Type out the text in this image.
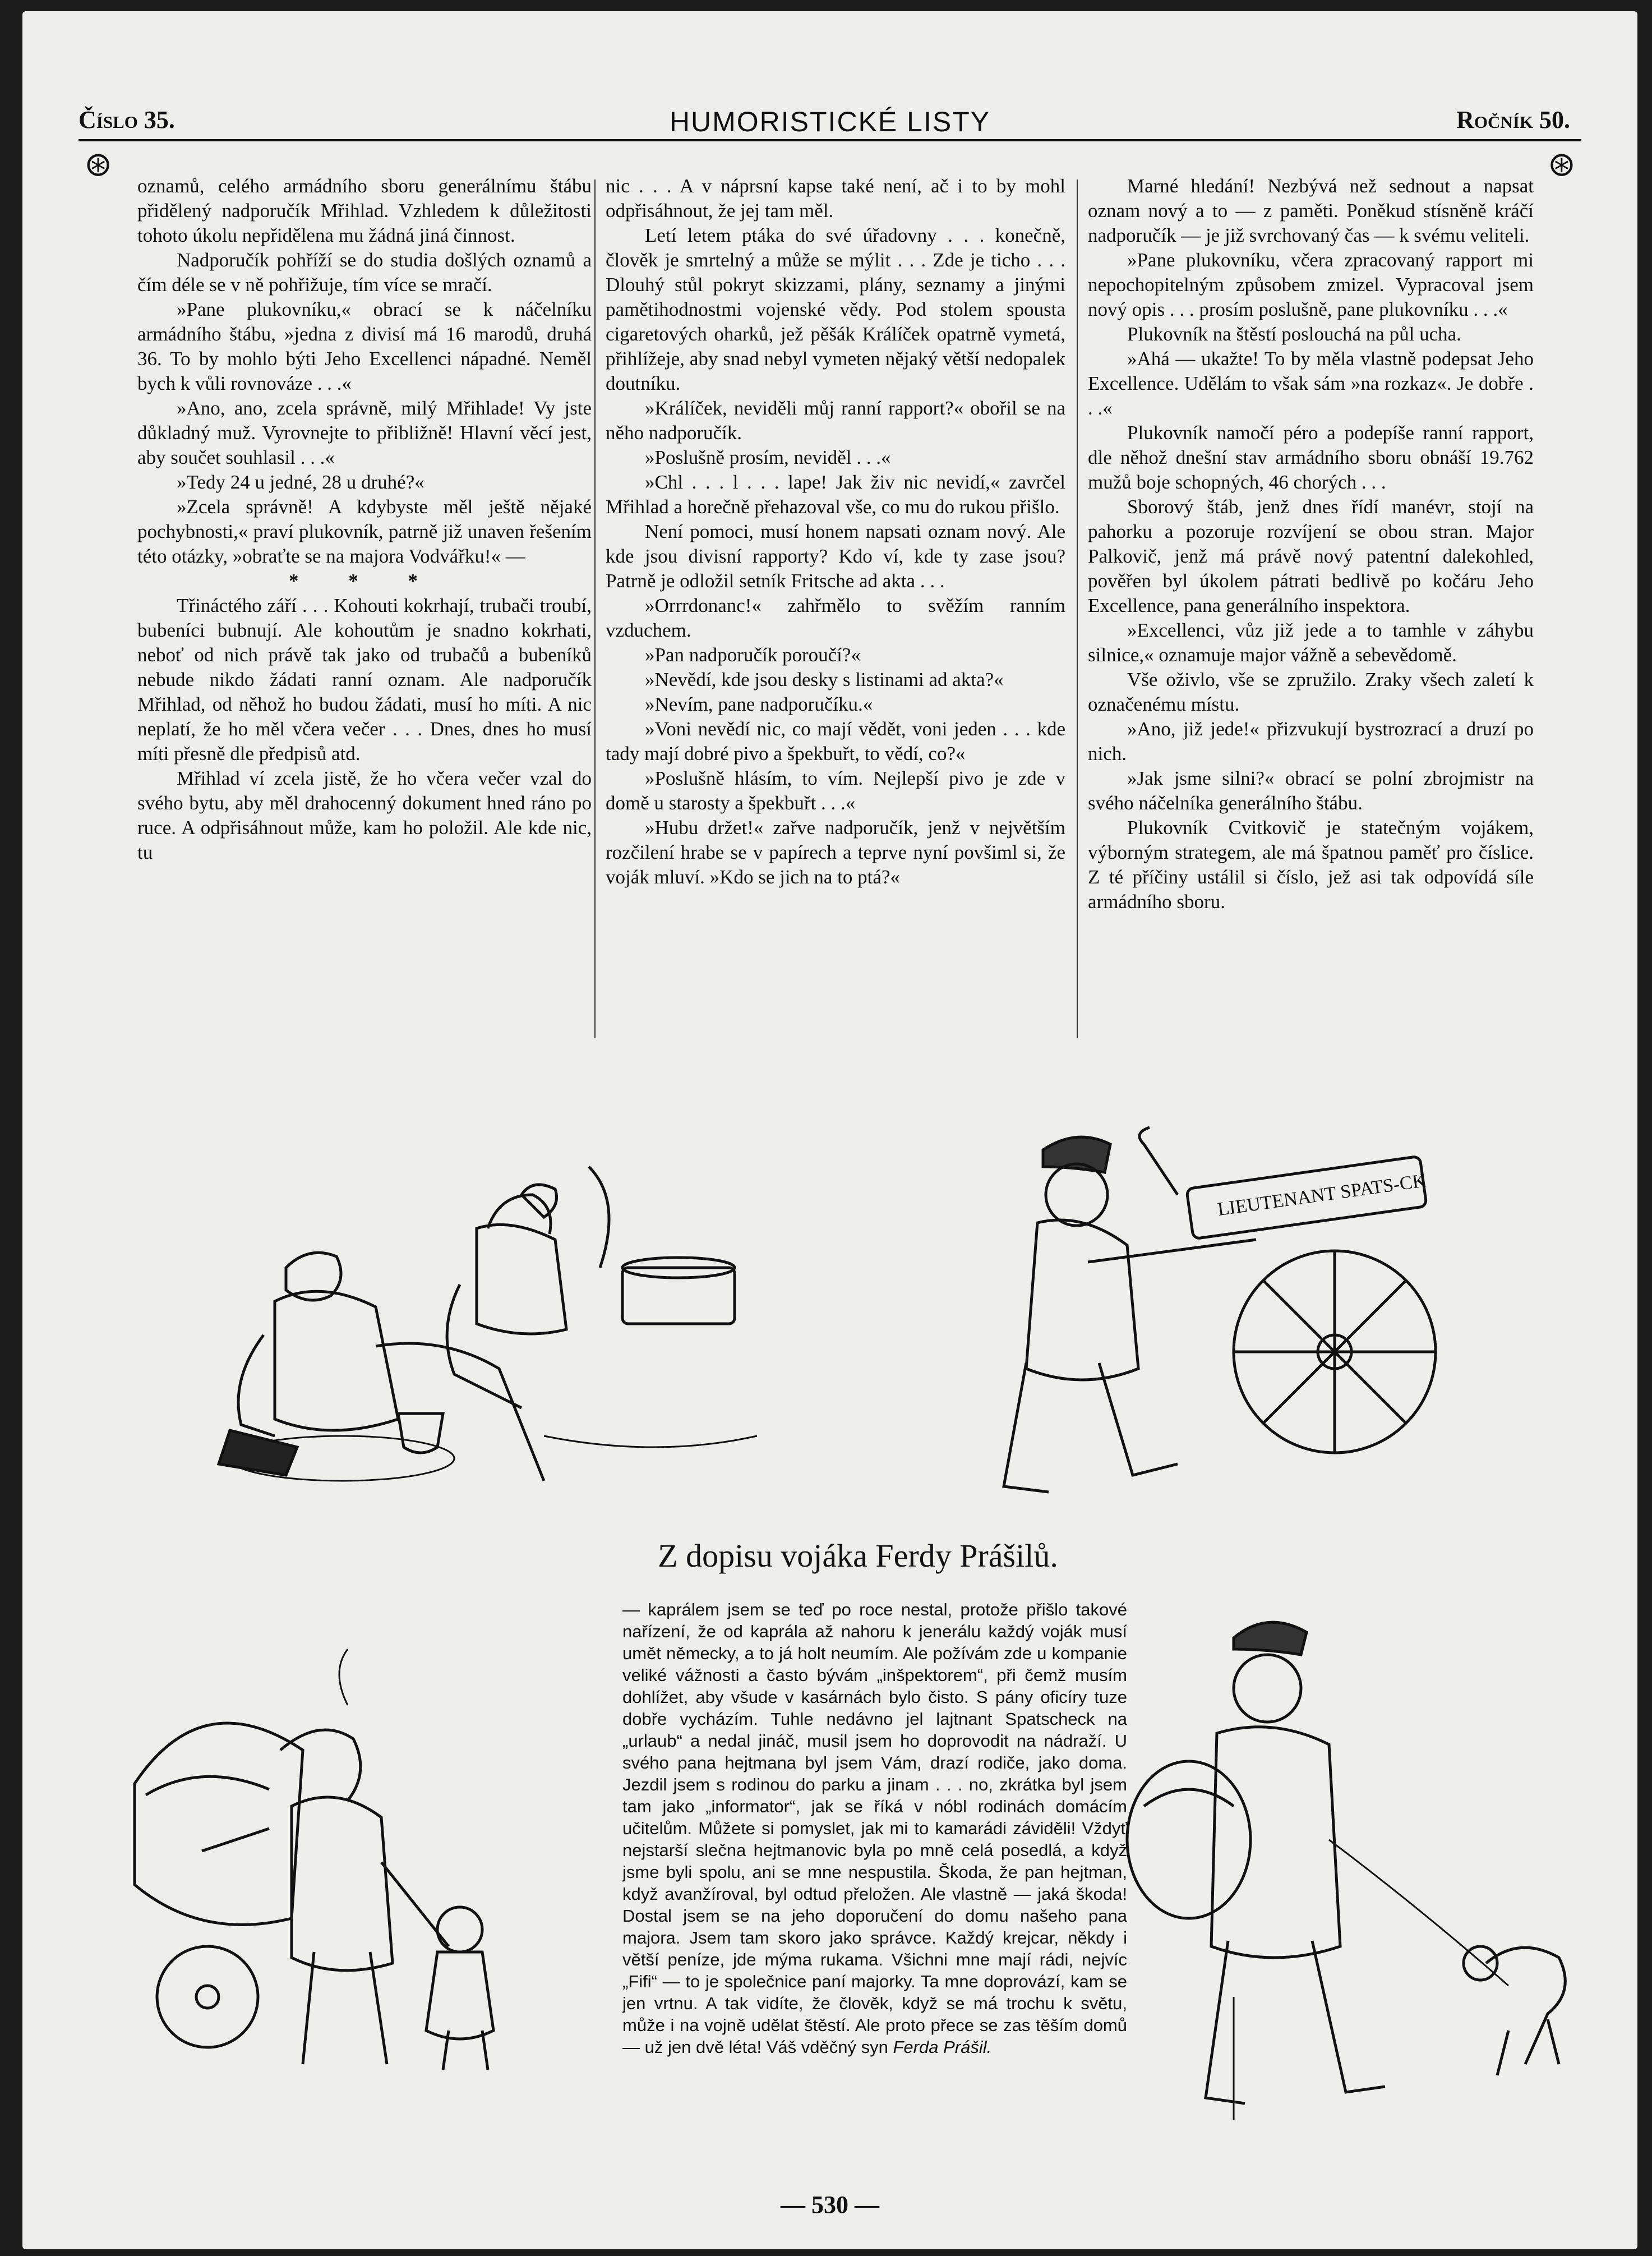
Číslo 35.	HUMORISTICKÉ LISTY	Ročník 50.
⊛	⊛

oznamů, celého armádního sboru generálnímu štábu přidělený nadporučík Mřihlad. Vzhledem k důležitosti tohoto úkolu nepřidělena mu žádná jiná činnost.

Nadporučík pohříží se do studia došlých oznamů a čím déle se v ně pohřižuje, tím více se mračí.

»Pane plukovníku,« obrací se k náčelníku armádního štábu, »jedna z divisí má 16 marodů, druhá 36. To by mohlo býti Jeho Excellenci nápadné. Neměl bych k vůli rovnováze . . .«

»Ano, ano, zcela správně, milý Mřihlade! Vy jste důkladný muž. Vyrovnejte to přibližně! Hlavní věcí jest, aby součet souhlasil . . .«

»Tedy 24 u jedné, 28 u druhé?«

»Zcela správně! A kdybyste měl ještě nějaké pochybnosti,« praví plukovník, patrně již unaven řešením této otázky, »obraťte se na majora Vodvářku!« —

* * *

Třináctého září . . . Kohouti kokrhají, trubači troubí, bubeníci bubnují. Ale kohoutům je snadno kokrhati, neboť od nich právě tak jako od trubačů a bubeníků nebude nikdo žádati ranní oznam. Ale nadporučík Mřihlad, od něhož ho budou žádati, musí ho míti. A nic neplatí, že ho měl včera večer . . . Dnes, dnes ho musí míti přesně dle předpisů atd.

Mřihlad ví zcela jistě, že ho včera večer vzal do svého bytu, aby měl drahocenný dokument hned ráno po ruce. A odpřisáhnout může, kam ho položil. Ale kde nic, tu

nic . . . A v náprsní kapse také není, ač i to by mohl odpřisáhnout, že jej tam měl.

Letí letem ptáka do své úřadovny . . . konečně, člověk je smrtelný a může se mýlit . . . Zde je ticho . . . Dlouhý stůl pokryt skizzami, plány, seznamy a jinými pamětihodnostmi vojenské vědy. Pod stolem spousta cigaretových oharků, jež pěšák Králíček opatrně vymetá, přihlížeje, aby snad nebyl vymeten nějaký větší nedopalek doutníku.

»Králíček, neviděli můj ranní rapport?« obořil se na něho nadporučík.

»Poslušně prosím, neviděl . . .«

»Chl . . . l . . . lape! Jak živ nic nevidí,« zavrčel Mřihlad a horečně přehazoval vše, co mu do rukou přišlo.

Není pomoci, musí honem napsati oznam nový. Ale kde jsou divisní rapporty? Kdo ví, kde ty zase jsou? Patrně je odložil setník Fritsche ad akta . . .

»Orrrdonanc!« zahřmělo to svěžím ranním vzduchem.

»Pan nadporučík poroučí?«

»Nevědí, kde jsou desky s listinami ad akta?«

»Nevím, pane nadporučíku.«

»Voni nevědí nic, co mají vědět, voni jeden . . . kde tady mají dobré pivo a špekbuřt, to vědí, co?«

»Poslušně hlásím, to vím. Nejlepší pivo je zde v domě u starosty a špekbuřt . . .«

»Hubu držet!« zařve nadporučík, jenž v největším rozčilení hrabe se v papírech a teprve nyní povšiml si, že voják mluví. »Kdo se jich na to ptá?«

Marné hledání! Nezbývá než sednout a napsat oznam nový a to — z paměti. Poněkud stísněně kráčí nadporučík — je již svrchovaný čas — k svému veliteli.

»Pane plukovníku, včera zpracovaný rapport mi nepochopitelným způsobem zmizel. Vypracoval jsem nový opis . . . prosím poslušně, pane plukovníku . . .«

Plukovník na štěstí poslouchá na půl ucha.

»Ahá — ukažte! To by měla vlastně podepsat Jeho Excellence. Udělám to však sám »na rozkaz«. Je dobře . . .«

Plukovník namočí péro a podepíše ranní rapport, dle něhož dnešní stav armádního sboru obnáší 19.762 mužů boje schopných, 46 chorých . . .

Sborový štáb, jenž dnes řídí manévr, stojí na pahorku a pozoruje rozvíjení se obou stran. Major Palkovič, jenž má právě nový patentní dalekohled, pověřen byl úkolem pátrati bedlivě po kočáru Jeho Excellence, pana generálního inspektora.

»Excellenci, vůz již jede a to tamhle v záhybu silnice,« oznamuje major vážně a sebevědomě.

Vše oživlo, vše se zpružilo. Zraky všech zaletí k označenému místu.

»Ano, již jede!« přizvukují bystrozrací a druzí po nich.

»Jak jsme silni?« obrací se polní zbrojmistr na svého náčelníka generálního štábu.

Plukovník Cvitkovič je statečným vojákem, výborným strategem, ale má špatnou paměť pro číslice. Z té příčiny ustálil si číslo, jež asi tak odpovídá síle armádního sboru.

LIEUTENANT SPATS-CK
Z dopisu vojáka Ferdy Prášilů.
— kaprálem jsem se teď po roce nestal, protože přišlo takové nařízení, že od kaprála až nahoru k jenerálu každý voják musí umět německy, a to já holt neumím. Ale požívám zde u kompanie veliké vážnosti a často bývám „inšpektorem“, při čemž musím dohlížet, aby všude v kasárnách bylo čisto. S pány oficíry tuze dobře vycházím. Tuhle nedávno jel lajtnant Spatscheck na „urlaub“ a nedal jináč, musil jsem ho doprovodit na nádraží. U svého pana hejtmana byl jsem Vám, drazí rodiče, jako doma. Jezdil jsem s rodinou do parku a jinam . . . no, zkrátka byl jsem tam jako „informator“, jak se říká v nóbl rodinách domácím učitelům. Můžete si pomyslet, jak mi to kamarádi záviděli! Vždyť nejstarší slečna hejtmanovic byla po mně celá posedlá, a když jsme byli spolu, ani se mne nespustila. Škoda, že pan hejtman, když avanžíroval, byl odtud přeložen. Ale vlastně — jaká škoda! Dostal jsem se na jeho doporučení do domu našeho pana majora. Jsem tam skoro jako správce. Každý krejcar, někdy i větší peníze, jde mýma rukama. Všichni mne mají rádi, nejvíc „Fifi“ — to je společnice paní majorky. Ta mne doprovází, kam se jen vrtnu. A tak vidíte, že člověk, když se má trochu k světu, může i na vojně udělat štěstí. Ale proto přece se zas těším domů — už jen dvě léta! Váš vděčný syn Ferda Prášil.
— 530 —
